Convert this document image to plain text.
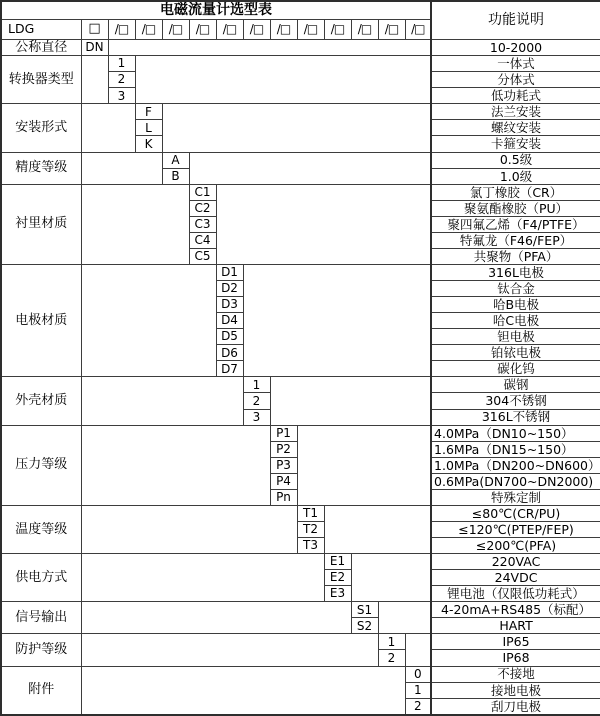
电磁流量计选型表														功能说明
LDG	□	/□	/□	/□	/□	/□	/□	/□	/□	/□	/□	/□	/□	
公称直径	DN													10-2000
转换器类型		1												一体式
		2												分体式
		3												低功耗式
安装形式			F											法兰安装
			L											螺纹安装
			K											卡箍安装
精度等级				A										0.5级
				B										1.0级
衬里材质					C1									氯丁橡胶（CR）
					C2									聚氨酯橡胶（PU）
					C3									聚四氟乙烯（F4/PTFE）
					C4									特氟龙（F46/FEP）
					C5									共聚物（PFA）
电极材质						D1								316L电极
						D2								钛合金
						D3								哈B电极
						D4								哈C电极
						D5								钽电极
						D6								铂铱电极
						D7								碳化钨
外壳材质							1							碳钢
							2							304不锈钢
							3							316L不锈钢
压力等级								P1						4.0MPa（DN10~150）
								P2						1.6MPa（DN15~150）
								P3						1.0MPa（DN200~DN600）
								P4						0.6MPa(DN700~DN2000)
								Pn						特殊定制
温度等级									T1					≤80℃(CR/PU)
									T2					≤120℃(PTEP/FEP)
									T3					≤200℃(PFA)
供电方式										E1				220VAC
										E2				24VDC
										E3				锂电池（仅限低功耗式）
信号输出											S1			4-20mA+RS485（标配）
											S2			HART
防护等级												1		IP65
												2		IP68
附件													0	不接地
													1	接地电极
													2	刮刀电极
